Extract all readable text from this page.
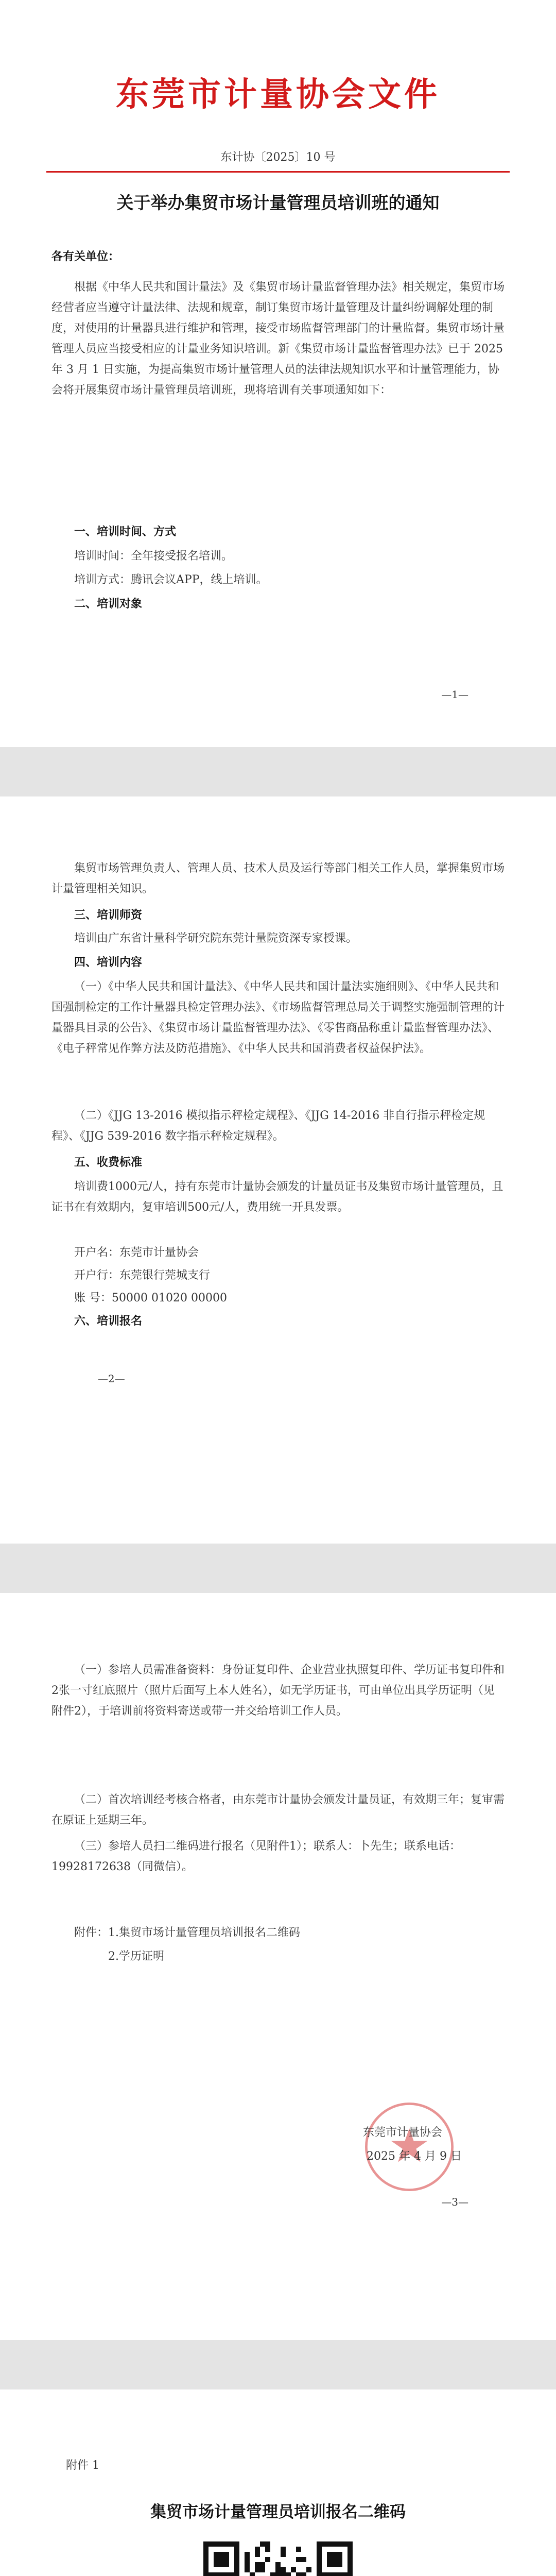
东莞市计量协会文件
东计协〔2025〕10 号
关于举办集贸市场计量管理员培训班的通知
各有关单位：
根据《中华人民共和国计量法》及《集贸市场计量监督管理办法》相关规定，集贸市场经营者应当遵守计量法律、法规和规章，制订集贸市场计量管理及计量纠纷调解处理的制度，对使用的计量器具进行维护和管理，接受市场监督管理部门的计量监督。集贸市场计量管理人员应当接受相应的计量业务知识培训。新《集贸市场计量监督管理办法》已于 2025 年 3 月 1 日实施，为提高集贸市场计量管理人员的法律法规知识水平和计量管理能力，协会将开展集贸市场计量管理员培训班，现将培训有关事项通知如下：
一、培训时间、方式
培训时间：全年接受报名培训。
培训方式：腾讯会议APP，线上培训。
二、培训对象
—1—
集贸市场管理负责人、管理人员、技术人员及运行等部门相关工作人员，掌握集贸市场计量管理相关知识。
三、培训师资
培训由广东省计量科学研究院东莞计量院资深专家授课。
四、培训内容
（一）《中华人民共和国计量法》、《中华人民共和国计量法实施细则》、《中华人民共和国强制检定的工作计量器具检定管理办法》、《市场监督管理总局关于调整实施强制管理的计量器具目录的公告》、《集贸市场计量监督管理办法》、《零售商品称重计量监督管理办法》、《电子秤常见作弊方法及防范措施》、《中华人民共和国消费者权益保护法》。
（二）《JJG 13-2016 模拟指示秤检定规程》、《JJG 14-2016 非自行指示秤检定规程》、《JJG 539-2016 数字指示秤检定规程》。
五、收费标准
培训费1000元/人，持有东莞市计量协会颁发的计量员证书及集贸市场计量管理员，且证书在有效期内，复审培训500元/人，费用统一开具发票。
开户名：东莞市计量协会
开户行：东莞银行莞城支行
账 号：50000 01020 00000
六、培训报名
—2—
（一）参培人员需准备资料：身份证复印件、企业营业执照复印件、学历证书复印件和2张一寸红底照片（照片后面写上本人姓名），如无学历证书，可由单位出具学历证明（见附件2），于培训前将资料寄送或带一并交给培训工作人员。
（二）首次培训经考核合格者，由东莞市计量协会颁发计量员证，有效期三年；复审需在原证上延期三年。
（三）参培人员扫二维码进行报名（见附件1）；联系人：卜先生；联系电话：19928172638（同微信）。
附件：1.集贸市场计量管理员培训报名二维码
2.学历证明
东莞市计量协会
2025 年 4 月 9 日
—3—
附件 1
集贸市场计量管理员培训报名二维码
